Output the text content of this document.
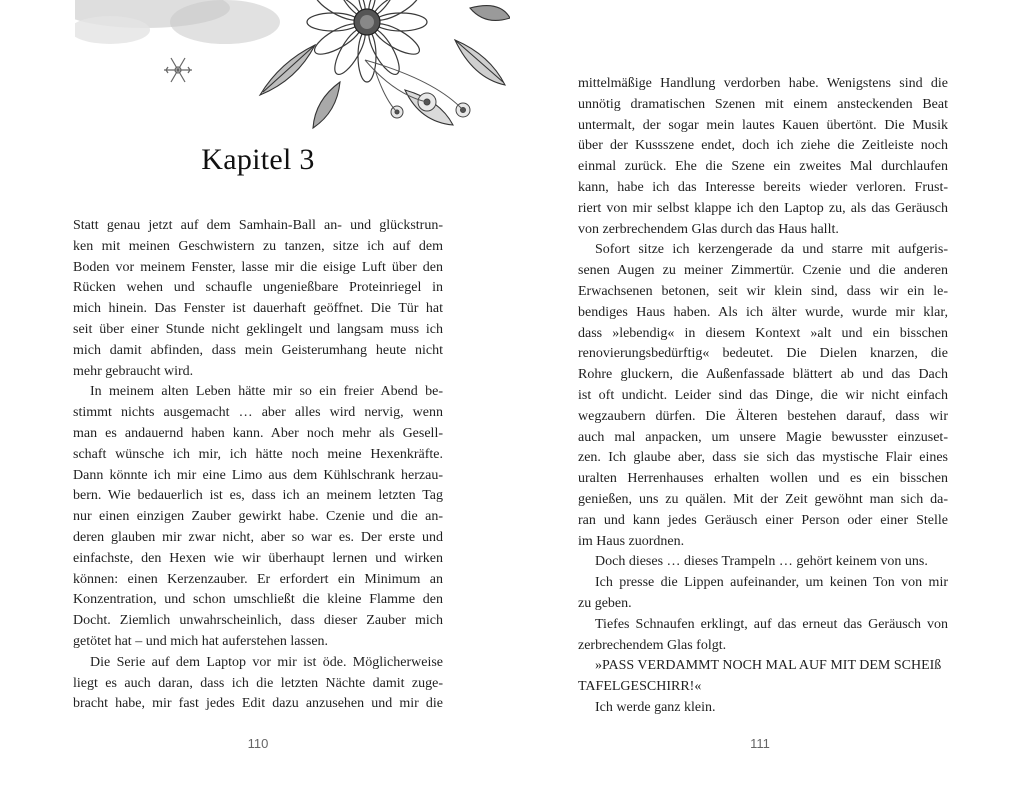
Kapitel 3
Statt genau jetzt auf dem Samhain-Ball an- und glückstrun-
ken mit meinen Geschwistern zu tanzen, sitze ich auf dem
Boden vor meinem Fenster, lasse mir die eisige Luft über den
Rücken wehen und schaufle ungenießbare Proteinriegel in
mich hinein. Das Fenster ist dauerhaft geöffnet. Die Tür hat
seit über einer Stunde nicht geklingelt und langsam muss ich
mich damit abfinden, dass mein Geisterumhang heute nicht
mehr gebraucht wird.
In meinem alten Leben hätte mir so ein freier Abend be-
stimmt nichts ausgemacht … aber alles wird nervig, wenn
man es andauernd haben kann. Aber noch mehr als Gesell-
schaft wünsche ich mir, ich hätte noch meine Hexenkräfte.
Dann könnte ich mir eine Limo aus dem Kühlschrank herzau-
bern. Wie bedauerlich ist es, dass ich an meinem letzten Tag
nur einen einzigen Zauber gewirkt habe. Czenie und die an-
deren glauben mir zwar nicht, aber so war es. Der erste und
einfachste, den Hexen wie wir überhaupt lernen und wirken
können: einen Kerzenzauber. Er erfordert ein Minimum an
Konzentration, und schon umschließt die kleine Flamme den
Docht. Ziemlich unwahrscheinlich, dass dieser Zauber mich
getötet hat – und mich hat auferstehen lassen.
Die Serie auf dem Laptop vor mir ist öde. Möglicherweise
liegt es auch daran, dass ich die letzten Nächte damit zuge-
bracht habe, mir fast jedes Edit dazu anzusehen und mir die
110
mittelmäßige Handlung verdorben habe. Wenigstens sind die
unnötig dramatischen Szenen mit einem ansteckenden Beat
untermalt, der sogar mein lautes Kauen übertönt. Die Musik
über der Kussszene endet, doch ich ziehe die Zeitleiste noch
einmal zurück. Ehe die Szene ein zweites Mal durchlaufen
kann, habe ich das Interesse bereits wieder verloren. Frust-
riert von mir selbst klappe ich den Laptop zu, als das Geräusch
von zerbrechendem Glas durch das Haus hallt.
Sofort sitze ich kerzengerade da und starre mit aufgeris-
senen Augen zu meiner Zimmertür. Czenie und die anderen
Erwachsenen betonen, seit wir klein sind, dass wir ein le-
bendiges Haus haben. Als ich älter wurde, wurde mir klar,
dass »lebendig« in diesem Kontext »alt und ein bisschen
renovierungsbedürftig« bedeutet. Die Dielen knarzen, die
Rohre gluckern, die Außenfassade blättert ab und das Dach
ist oft undicht. Leider sind das Dinge, die wir nicht einfach
wegzaubern dürfen. Die Älteren bestehen darauf, dass wir
auch mal anpacken, um unsere Magie bewusster einzuset-
zen. Ich glaube aber, dass sie sich das mystische Flair eines
uralten Herrenhauses erhalten wollen und es ein bisschen
genießen, uns zu quälen. Mit der Zeit gewöhnt man sich da-
ran und kann jedes Geräusch einer Person oder einer Stelle
im Haus zuordnen.
Doch dieses … dieses Trampeln … gehört keinem von uns.
Ich presse die Lippen aufeinander, um keinen Ton von mir
zu geben.
Tiefes Schnaufen erklingt, auf das erneut das Geräusch von
zerbrechendem Glas folgt.
»PASS VERDAMMT NOCH MAL AUF MIT DEM SCHEIß
TAFELGESCHIRR!«
Ich werde ganz klein.
111
